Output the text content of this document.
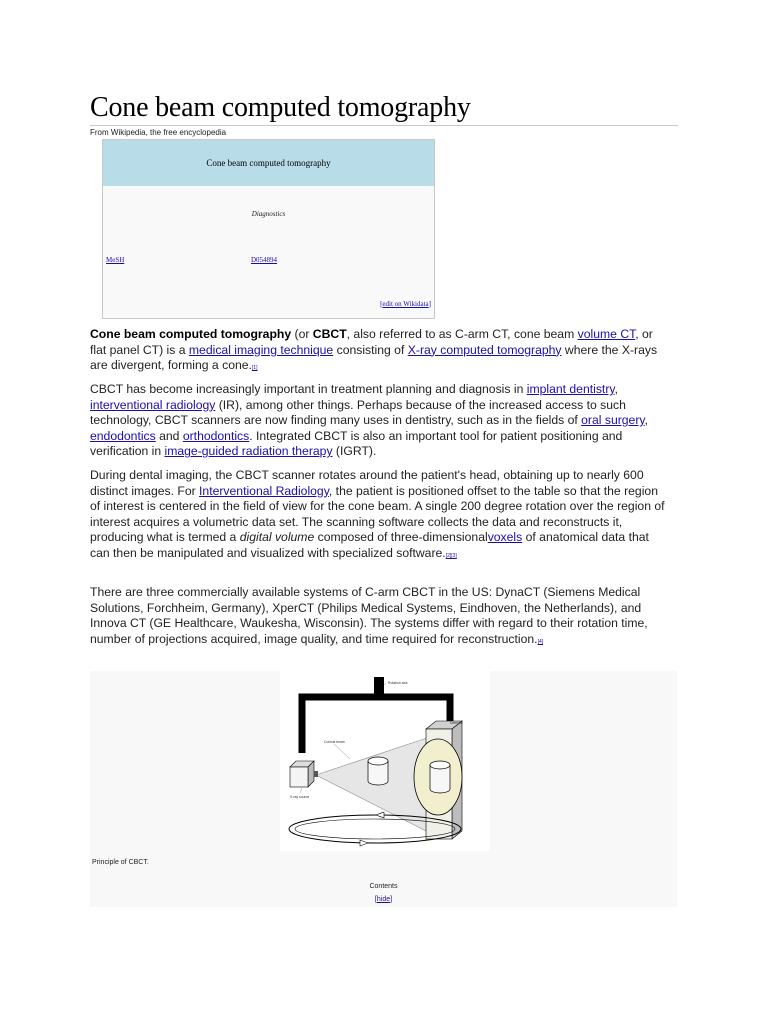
Cone beam computed tomography
From Wikipedia, the free encyclopedia
Cone beam computed tomography
Diagnostics
MeSH	D054894
[edit on Wikidata]

Cone beam computed tomography (or CBCT, also referred to as C-arm CT, cone beam volume CT, or flat panel CT) is a medical imaging technique consisting of X-ray computed tomography where the X-rays are divergent, forming a cone.[1]

CBCT has become increasingly important in treatment planning and diagnosis in implant dentistry, interventional radiology (IR), among other things. Perhaps because of the increased access to such technology, CBCT scanners are now finding many uses in dentistry, such as in the fields of oral surgery, endodontics and orthodontics. Integrated CBCT is also an important tool for patient positioning and verification in image-guided radiation therapy (IGRT).

During dental imaging, the CBCT scanner rotates around the patient's head, obtaining up to nearly 600 distinct images. For Interventional Radiology, the patient is positioned offset to the table so that the region of interest is centered in the field of view for the cone beam. A single 200 degree rotation over the region of interest acquires a volumetric data set. The scanning software collects the data and reconstructs it, producing what is termed a digital volume composed of three-dimensionalvoxels of anatomical data that can then be manipulated and visualized with specialized software.[2][3]

There are three commercially available systems of C-arm CBCT in the US: DynaCT (Siemens Medical Solutions, Forchheim, Germany), XperCT (Philips Medical Systems, Eindhoven, the Netherlands), and Innova CT (GE Healthcare, Waukesha, Wisconsin). The systems differ with regard to their rotation time, number of projections acquired, image quality, and time required for reconstruction.[4]

Rotation axis
Detector
Conical beam
X-ray source
Principle of CBCT.
Contents
[hide]
